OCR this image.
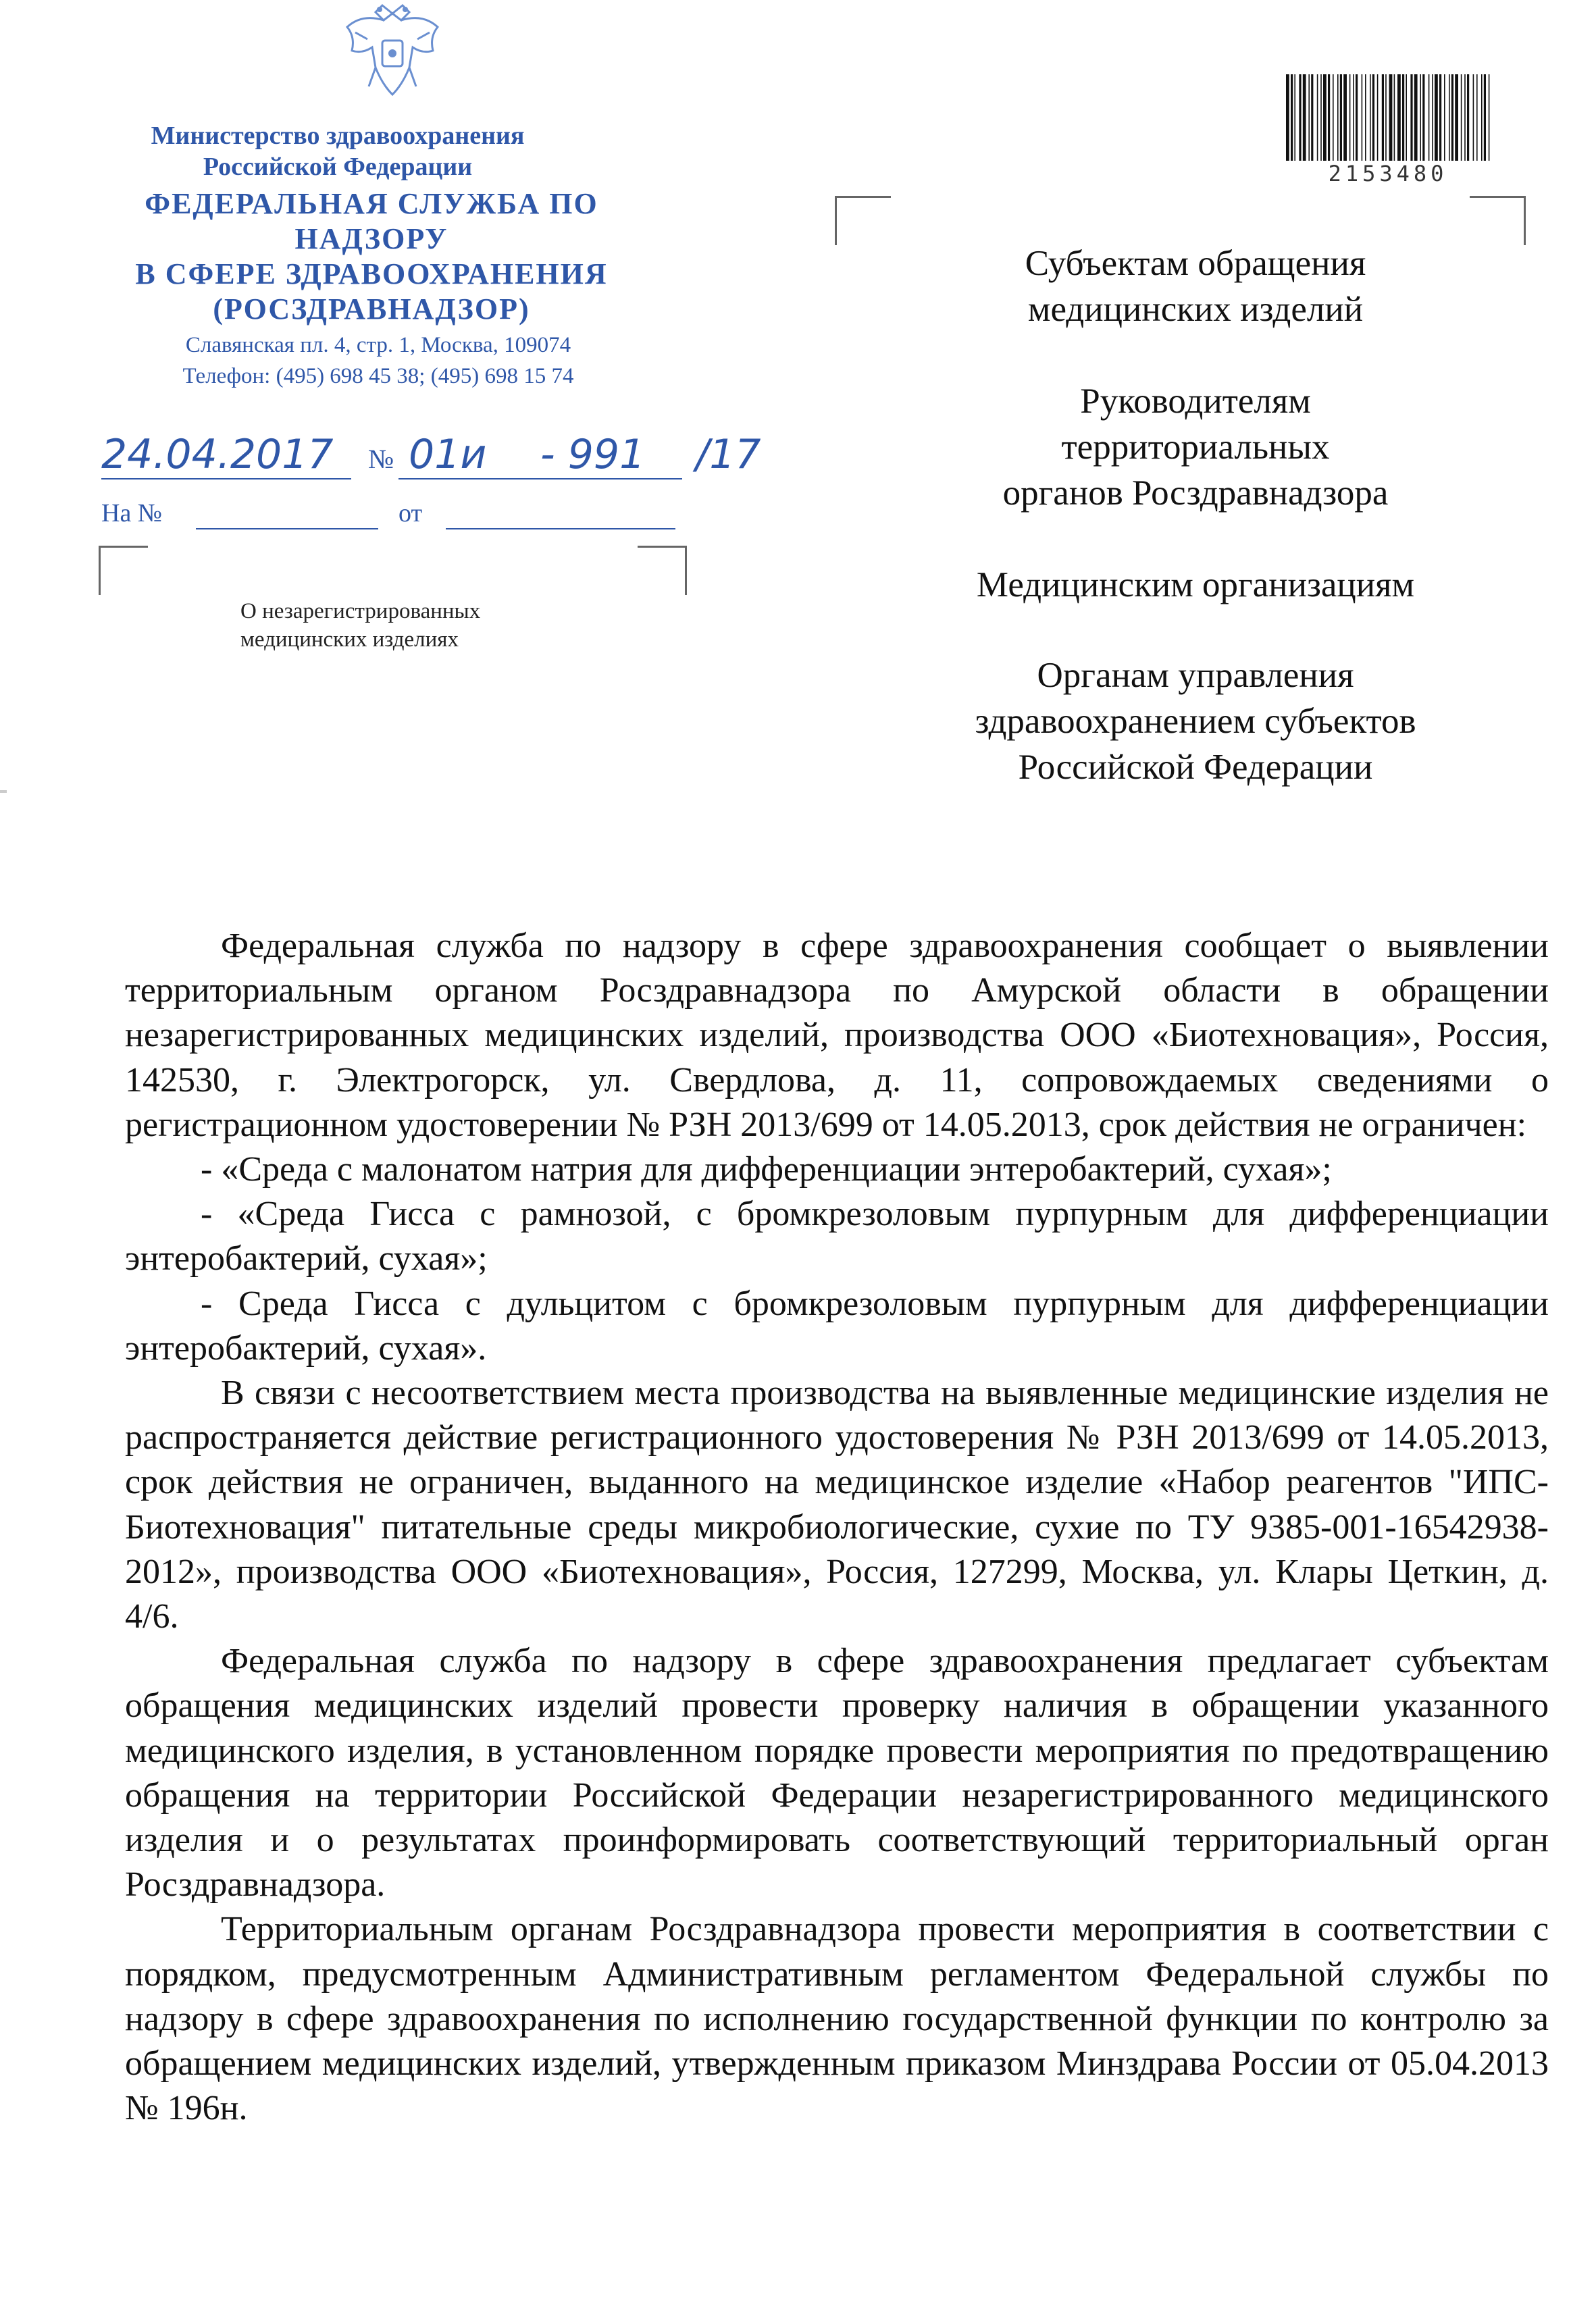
Министерство здравоохранения
Российской Федерации
ФЕДЕРАЛЬНАЯ СЛУЖБА ПО НАДЗОРУ
В СФЕРЕ ЗДРАВООХРАНЕНИЯ
(РОСЗДРАВНАДЗОР)
Славянская пл. 4, стр. 1, Москва, 109074
Телефон: (495) 698 45 38; (495) 698 15 74
24.04.2017 № 01и - 991 /17
На №	от
О незарегистрированных
медицинских изделиях
2153480
Субъектам обращения
медицинских изделий
Руководителям
территориальных
органов Росздравнадзора
Медицинским организациям
Органам управления
здравоохранением субъектов
Российской Федерации

Федеральная служба по надзору в сфере здравоохранения сообщает о выявлении территориальным органом Росздравнадзора по Амурской области в обращении незарегистрированных медицинских изделий, производства ООО «Биотехновация», Россия, 142530, г. Электрогорск, ул. Свердлова, д. 11, сопровождаемых сведениями о регистрационном удостоверении № РЗН 2013/699 от 14.05.2013, срок действия не ограничен:

- «Среда с малонатом натрия для дифференциации энтеробактерий, сухая»;

- «Среда Гисса с рамнозой, с бромкрезоловым пурпурным для дифференциации энтеробактерий, сухая»;

- Среда Гисса с дульцитом с бромкрезоловым пурпурным для дифференциации энтеробактерий, сухая».

В связи с несоответствием места производства на выявленные медицинские изделия не распространяется действие регистрационного удостоверения № РЗН 2013/699 от 14.05.2013, срок действия не ограничен, выданного на медицинское изделие «Набор реагентов "ИПС-Биотехновация" питательные среды микробиологические, сухие по ТУ 9385-001-16542938-2012», производства ООО «Биотехновация», Россия, 127299, Москва, ул. Клары Цеткин, д. 4/6.

Федеральная служба по надзору в сфере здравоохранения предлагает субъектам обращения медицинских изделий провести проверку наличия в обращении указанного медицинского изделия, в установленном порядке провести мероприятия по предотвращению обращения на территории Российской Федерации незарегистрированного медицинского изделия и о результатах проинформировать соответствующий территориальный орган Росздравнадзора.

Территориальным органам Росздравнадзора провести мероприятия в соответствии с порядком, предусмотренным Административным регламентом Федеральной службы по надзору в сфере здравоохранения по исполнению государственной функции по контролю за обращением медицинских изделий, утвержденным приказом Минздрава России от 05.04.2013 № 196н.
